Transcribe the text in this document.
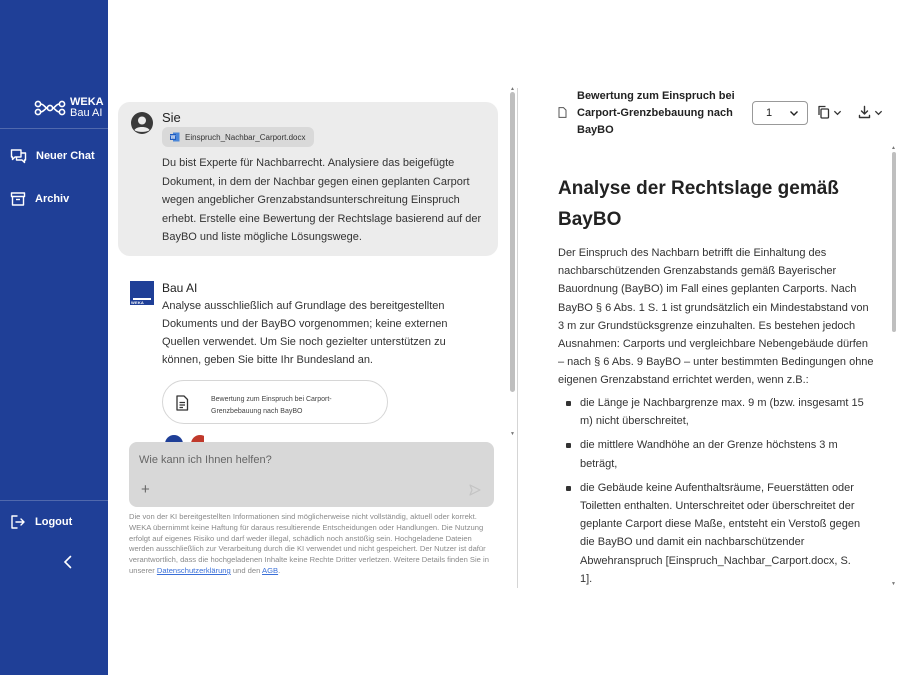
WEKA
Bau AI
Neuer Chat
Archiv
Logout
Sie
W Einspruch_Nachbar_Carport.docx
Du bist Experte für Nachbarrecht. Analysiere das beigefügte Dokument, in dem der Nachbar gegen einen geplanten Carport wegen angeblicher Grenzabstandsunterschreitung Einspruch erhebt. Erstelle eine Bewertung der Rechtslage basierend auf der BayBO und liste mögliche Lösungswege.
WEKA
Bau AI
Analyse ausschließlich auf Grundlage des bereitgestellten Dokuments und der BayBO vorgenommen; keine externen Quellen verwendet. Um Sie noch gezielter unterstützen zu können, geben Sie bitte Ihr Bundesland an.
Bewertung zum Einspruch bei Carport-Grenzbebauung nach BayBO
▲
▼
Wie kann ich Ihnen helfen?
+
Die von der KI bereitgestellten Informationen sind möglicherweise nicht vollständig, aktuell oder korrekt. WEKA übernimmt keine Haftung für daraus resultierende Entscheidungen oder Handlungen. Die Nutzung erfolgt auf eigenes Risiko und darf weder illegal, schädlich noch anstößig sein. Hochgeladene Dateien werden ausschließlich zur Verarbeitung durch die KI verwendet und nicht gespeichert. Der Nutzer ist dafür verantwortlich, dass die hochgeladenen Inhalte keine Rechte Dritter verletzen. Weitere Details finden Sie in unserer Datenschutzerklärung und den AGB.
Bewertung zum Einspruch bei Carport-Grenzbebauung nach BayBO
1
Analyse der Rechtslage gemäß BayBO

Der Einspruch des Nachbarn betrifft die Einhaltung des nachbarschützenden Grenzabstands gemäß Bayerischer Bauordnung (BayBO) im Fall eines geplanten Carports. Nach BayBO § 6 Abs. 1 S. 1 ist grundsätzlich ein Mindestabstand von 3 m zur Grundstücksgrenze einzuhalten. Es bestehen jedoch Ausnahmen: Carports und vergleichbare Nebengebäude dürfen – nach § 6 Abs. 9 BayBO – unter bestimmten Bedingungen ohne eigenen Grenzabstand errichtet werden, wenn z.B.:

die Länge je Nachbargrenze max. 9 m (bzw. insgesamt 15 m) nicht überschreitet,
die mittlere Wandhöhe an der Grenze höchstens 3 m beträgt,
die Gebäude keine Aufenthaltsräume, Feuerstätten oder Toiletten enthalten. Unterschreitet oder überschreitet der geplante Carport diese Maße, entsteht ein Verstoß gegen die BayBO und damit ein nachbarschützender Abwehranspruch [Einspruch_Nachbar_Carport.docx, S. 1].
▲
▼
